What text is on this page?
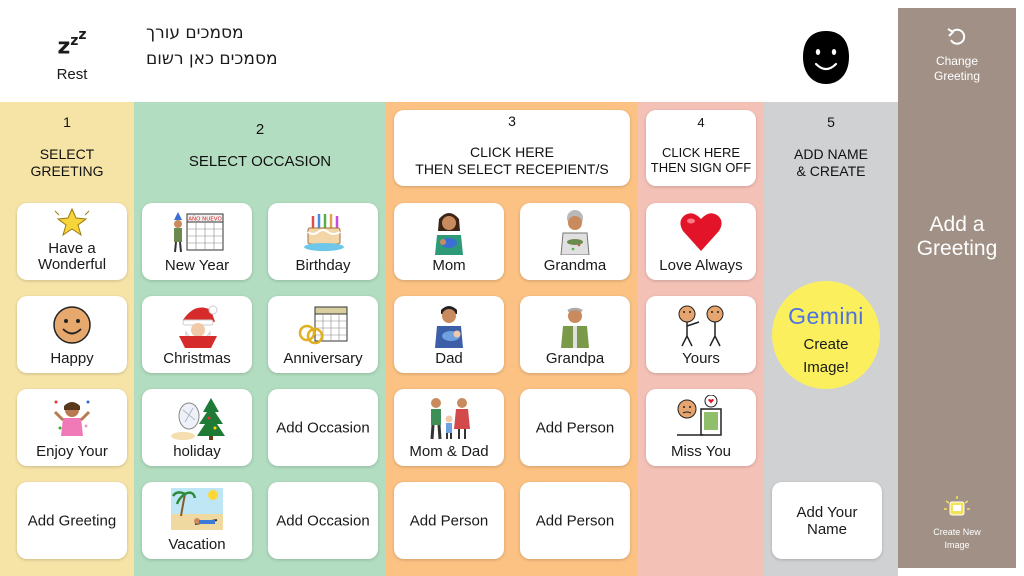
$z^{zz}$
Rest
מסמכים עורך
מסמכים כאן רשום	Change
Greeting
Add a
Greeting
Create New
Image
1
SELECT
GREETING
Have a
Wonderful
Happy
Enjoy Your
Add Greeting
2
SELECT OCCASION
AÑO NUEVO
New Year	Birthday
Christmas	Anniversary
holiday
Add Occasion
Vacation
Add Occasion
3
CLICK HERE
THEN SELECT RECEPIENT/S
Mom	Grandma
Dad	Grandpa
Mom & Dad
Add Person
Add Person	Add Person
4
CLICK HERE
THEN SIGN OFF
Love Always
Yours
Miss You
5
ADD NAME
& CREATE
Add Your
Name
Gemini
Create
Image!
